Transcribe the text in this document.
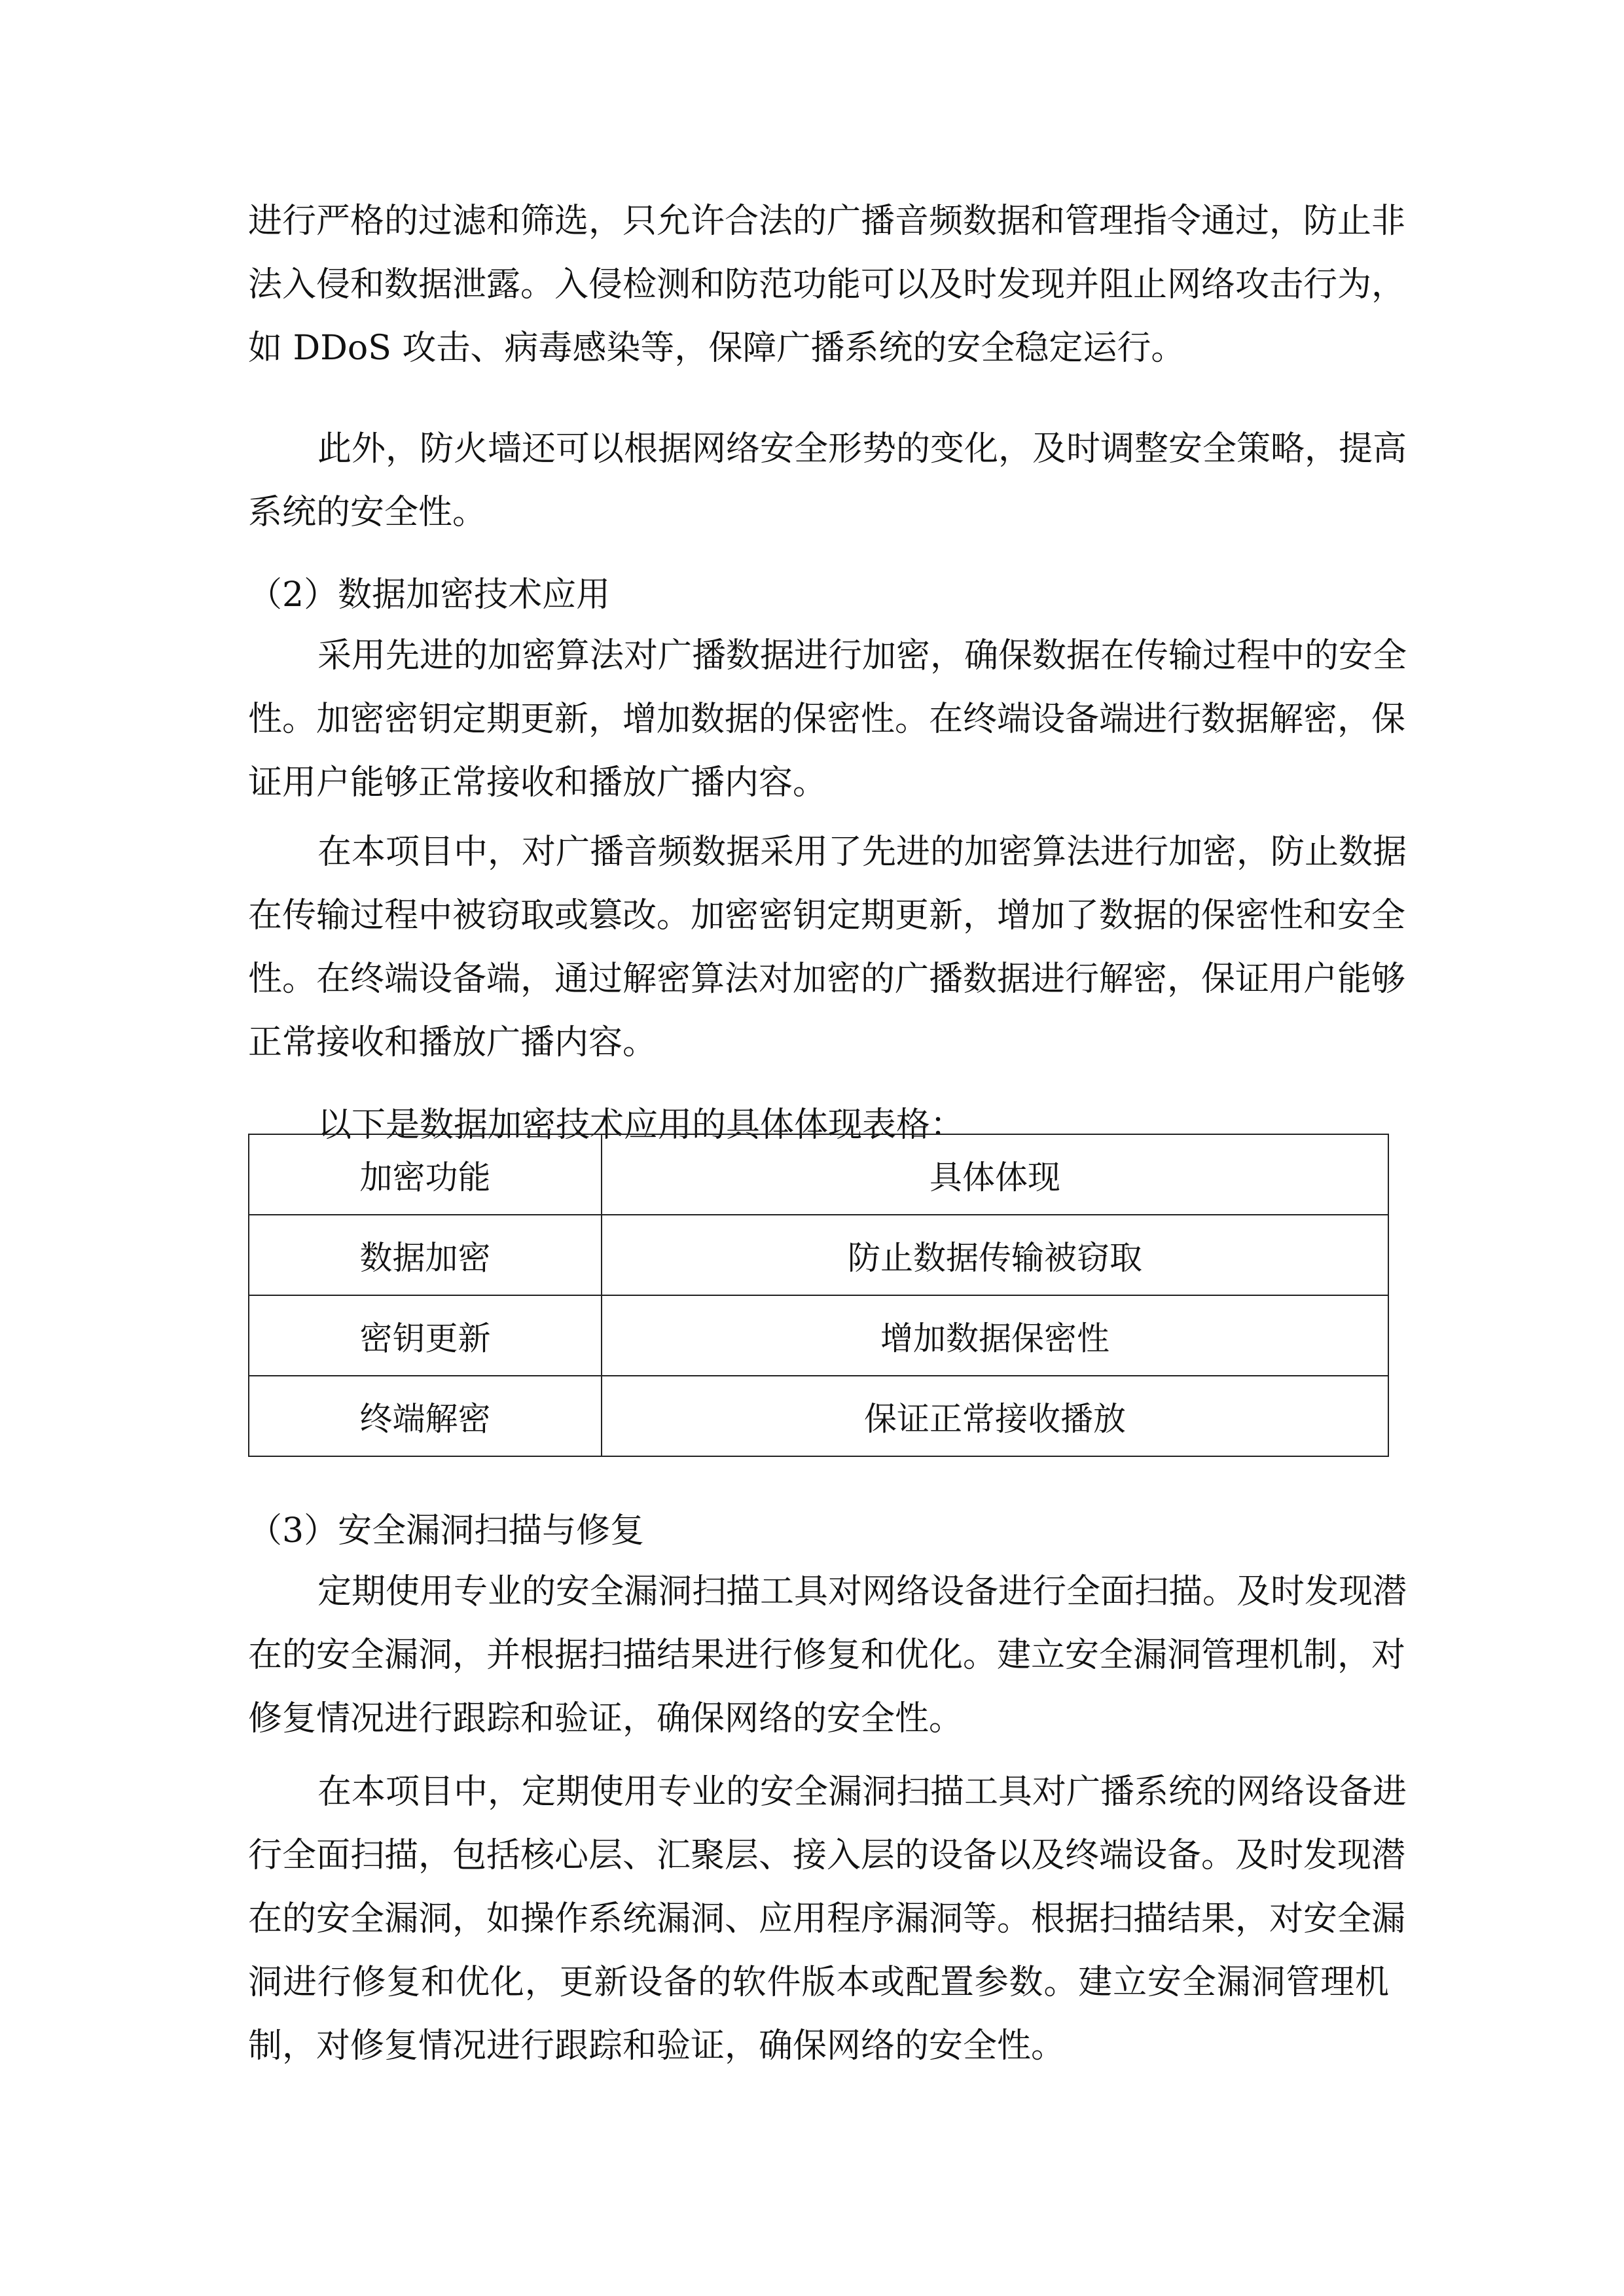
进行严格的过滤和筛选，只允许合法的广播音频数据和管理指令通过，防止非
法入侵和数据泄露。入侵检测和防范功能可以及时发现并阻止网络攻击行为，
如 DDoS 攻击、病毒感染等，保障广播系统的安全稳定运行。
此外，防火墙还可以根据网络安全形势的变化，及时调整安全策略，提高
系统的安全性。
（2）数据加密技术应用
采用先进的加密算法对广播数据进行加密，确保数据在传输过程中的安全
性。加密密钥定期更新，增加数据的保密性。在终端设备端进行数据解密，保
证用户能够正常接收和播放广播内容。
在本项目中，对广播音频数据采用了先进的加密算法进行加密，防止数据
在传输过程中被窃取或篡改。加密密钥定期更新，增加了数据的保密性和安全
性。在终端设备端，通过解密算法对加密的广播数据进行解密，保证用户能够
正常接收和播放广播内容。
以下是数据加密技术应用的具体体现表格：
加密功能	具体体现
数据加密	防止数据传输被窃取
密钥更新	增加数据保密性
终端解密	保证正常接收播放
（3）安全漏洞扫描与修复
定期使用专业的安全漏洞扫描工具对网络设备进行全面扫描。及时发现潜
在的安全漏洞，并根据扫描结果进行修复和优化。建立安全漏洞管理机制，对
修复情况进行跟踪和验证，确保网络的安全性。
在本项目中，定期使用专业的安全漏洞扫描工具对广播系统的网络设备进
行全面扫描，包括核心层、汇聚层、接入层的设备以及终端设备。及时发现潜
在的安全漏洞，如操作系统漏洞、应用程序漏洞等。根据扫描结果，对安全漏
洞进行修复和优化，更新设备的软件版本或配置参数。建立安全漏洞管理机
制，对修复情况进行跟踪和验证，确保网络的安全性。
